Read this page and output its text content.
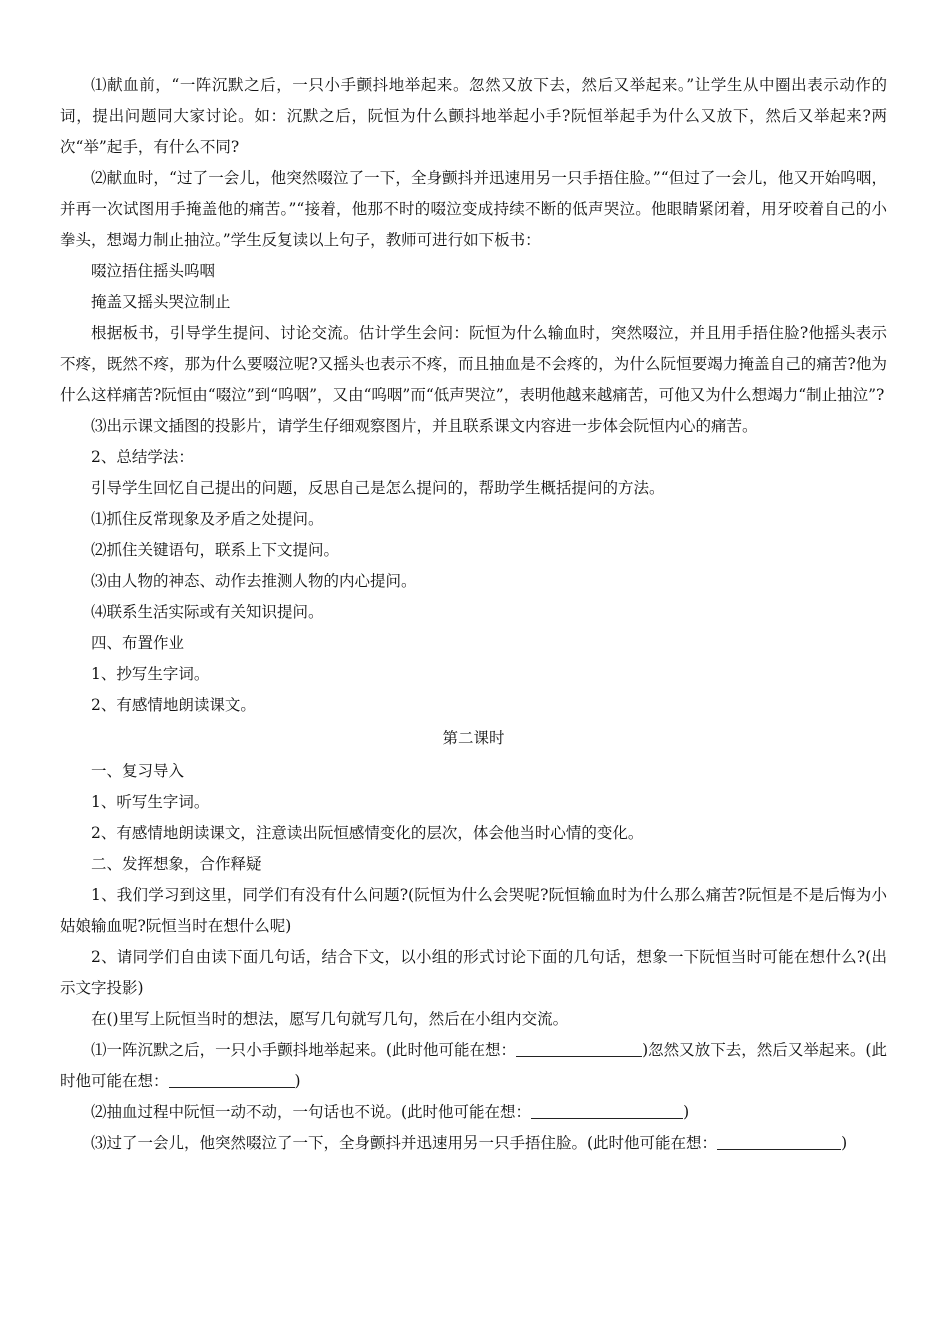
⑴献血前，“一阵沉默之后，一只小手颤抖地举起来。忽然又放下去，然后又举起来。”让学生从中圈出表示动作的词，提出问题同大家讨论。如：沉默之后，阮恒为什么颤抖地举起小手?阮恒举起手为什么又放下，然后又举起来?两次“举”起手，有什么不同?

⑵献血时，“过了一会儿，他突然啜泣了一下，全身颤抖并迅速用另一只手捂住脸。”“但过了一会儿，他又开始呜咽，并再一次试图用手掩盖他的痛苦。”“接着，他那不时的啜泣变成持续不断的低声哭泣。他眼睛紧闭着，用牙咬着自己的小拳头，想竭力制止抽泣。”学生反复读以上句子，教师可进行如下板书：

啜泣捂住摇头呜咽

掩盖又摇头哭泣制止

根据板书，引导学生提问、讨论交流。估计学生会问：阮恒为什么输血时，突然啜泣，并且用手捂住脸?他摇头表示不疼，既然不疼，那为什么要啜泣呢?又摇头也表示不疼，而且抽血是不会疼的，为什么阮恒要竭力掩盖自己的痛苦?他为什么这样痛苦?阮恒由“啜泣”到“呜咽”，又由“呜咽”而“低声哭泣”，表明他越来越痛苦，可他又为什么想竭力“制止抽泣”?

⑶出示课文插图的投影片，请学生仔细观察图片，并且联系课文内容进一步体会阮恒内心的痛苦。

2、总结学法：

引导学生回忆自己提出的问题，反思自己是怎么提问的，帮助学生概括提问的方法。

⑴抓住反常现象及矛盾之处提问。

⑵抓住关键语句，联系上下文提问。

⑶由人物的神态、动作去推测人物的内心提问。

⑷联系生活实际或有关知识提问。

四、布置作业

1、抄写生字词。

2、有感情地朗读课文。

第二课时

一、复习导入

1、听写生字词。

2、有感情地朗读课文，注意读出阮恒感情变化的层次，体会他当时心情的变化。

二、发挥想象，合作释疑

1、我们学习到这里，同学们有没有什么问题?(阮恒为什么会哭呢?阮恒输血时为什么那么痛苦?阮恒是不是后悔为小姑娘输血呢?阮恒当时在想什么呢)

2、请同学们自由读下面几句话，结合下文，以小组的形式讨论下面的几句话，想象一下阮恒当时可能在想什么?(出示文字投影)

在()里写上阮恒当时的想法，愿写几句就写几句，然后在小组内交流。

⑴一阵沉默之后，一只小手颤抖地举起来。(此时他可能在想：	)忽然又放下去，然后又举起来。(此时他可能在想：	)

⑵抽血过程中阮恒一动不动，一句话也不说。(此时他可能在想：	)

⑶过了一会儿，他突然啜泣了一下，全身颤抖并迅速用另一只手捂住脸。(此时他可能在想：	)
